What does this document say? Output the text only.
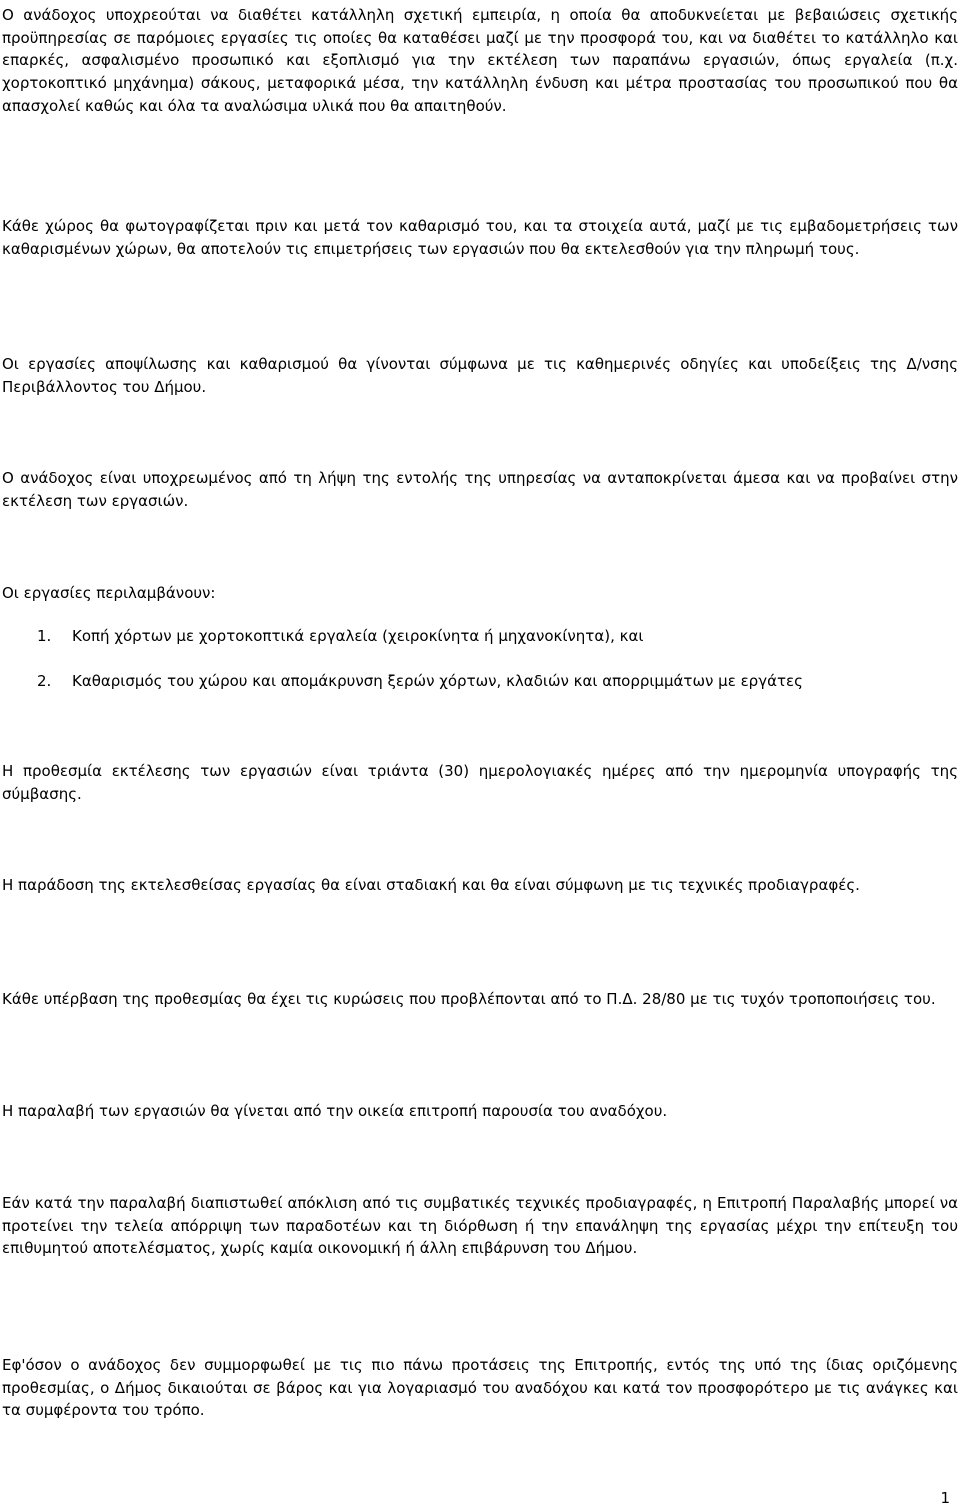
Ο ανάδοχος υποχρεούται να διαθέτει κατάλληλη σχετική εμπειρία, η οποία θα αποδυκνείεται με βεβαιώσεις σχετικής προϋπηρεσίας σε παρόμοιες εργασίες τις οποίες θα καταθέσει μαζί με την προσφορά του, και να διαθέτει το κατάλληλο και επαρκές, ασφαλισμένο προσωπικό και εξοπλισμό για την εκτέλεση των παραπάνω εργασιών, όπως εργαλεία (π.χ. χορτοκοπτικό μηχάνημα) σάκους, μεταφορικά μέσα, την κατάλληλη ένδυση και μέτρα προστασίας του προσωπικού που θα απασχολεί καθώς και όλα τα αναλώσιμα υλικά που θα απαιτηθούν.

Κάθε χώρος θα φωτογραφίζεται πριν και μετά τον καθαρισμό του, και τα στοιχεία αυτά, μαζί με τις εμβαδομετρήσεις των καθαρισμένων χώρων, θα αποτελούν τις επιμετρήσεις των εργασιών που θα εκτελεσθούν για την πληρωμή τους.

Οι εργασίες αποψίλωσης και καθαρισμού θα γίνονται σύμφωνα με τις καθημερινές οδηγίες και υποδείξεις της Δ/νσης Περιβάλλοντος του Δήμου.

Ο ανάδοχος είναι υποχρεωμένος από τη λήψη της εντολής της υπηρεσίας να ανταποκρίνεται άμεσα και να προβαίνει στην εκτέλεση των εργασιών.

Οι εργασίες περιλαμβάνουν:

1. Κοπή χόρτων με χορτοκοπτικά εργαλεία (χειροκίνητα ή μηχανοκίνητα), και
2. Καθαρισμός του χώρου και απομάκρυνση ξερών χόρτων, κλαδιών και απορριμμάτων με εργάτες

Η προθεσμία εκτέλεσης των εργασιών είναι τριάντα (30) ημερολογιακές ημέρες από την ημερομηνία υπογραφής της σύμβασης.

Η παράδοση της εκτελεσθείσας εργασίας θα είναι σταδιακή και θα είναι σύμφωνη με τις τεχνικές προδιαγραφές.

Κάθε υπέρβαση της προθεσμίας θα έχει τις κυρώσεις που προβλέπονται από το Π.Δ. 28/80 με τις τυχόν τροποποιήσεις του.

Η παραλαβή των εργασιών θα γίνεται από την οικεία επιτροπή παρουσία του αναδόχου.

Εάν κατά την παραλαβή διαπιστωθεί απόκλιση από τις συμβατικές τεχνικές προδιαγραφές, η Επιτροπή Παραλαβής μπορεί να προτείνει την τελεία απόρριψη των παραδοτέων και τη διόρθωση ή την επανάληψη της εργασίας μέχρι την επίτευξη του επιθυμητού αποτελέσματος, χωρίς καμία οικονομική ή άλλη επιβάρυνση του Δήμου.

Εφ'όσον ο ανάδοχος δεν συμμορφωθεί με τις πιο πάνω προτάσεις της Επιτροπής, εντός της υπό της ίδιας οριζόμενης προθεσμίας, ο Δήμος δικαιούται σε βάρος και για λογαριασμό του αναδόχου και κατά τον προσφορότερο με τις ανάγκες και τα συμφέροντα του τρόπο.

1
